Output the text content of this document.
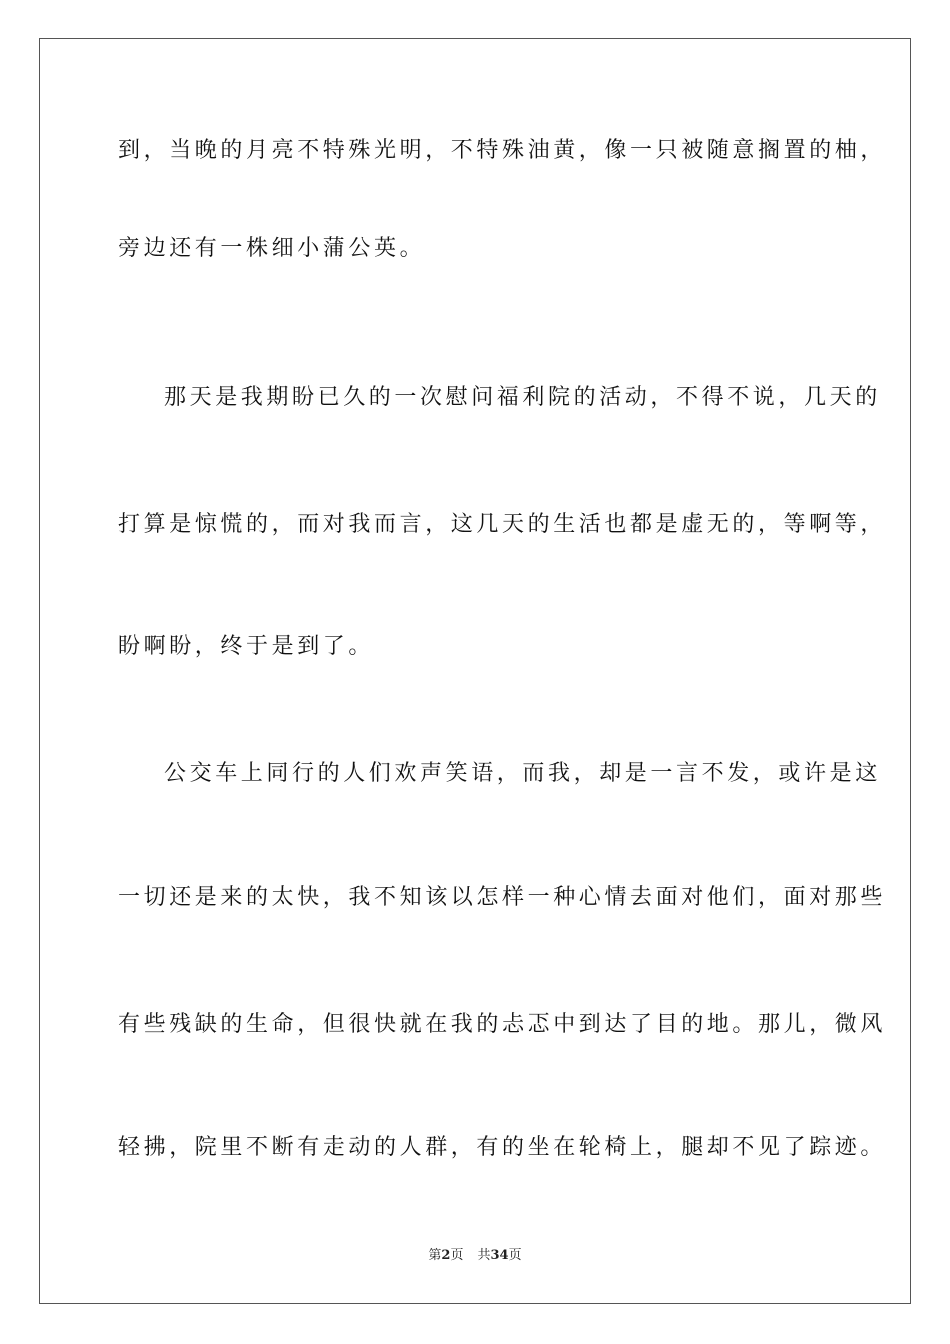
到，当晚的月亮不特殊光明，不特殊油黄，像一只被随意搁置的柚，
旁边还有一株细小蒲公英。
那天是我期盼已久的一次慰问福利院的活动，不得不说，几天的
打算是惊慌的，而对我而言，这几天的生活也都是虚无的，等啊等，
盼啊盼，终于是到了。
公交车上同行的人们欢声笑语，而我，却是一言不发，或许是这
一切还是来的太快，我不知该以怎样一种心情去面对他们，面对那些
有些残缺的生命，但很快就在我的忐忑中到达了目的地。那儿，微风
轻拂，院里不断有走动的人群，有的坐在轮椅上，腿却不见了踪迹。
第2页 共34页
